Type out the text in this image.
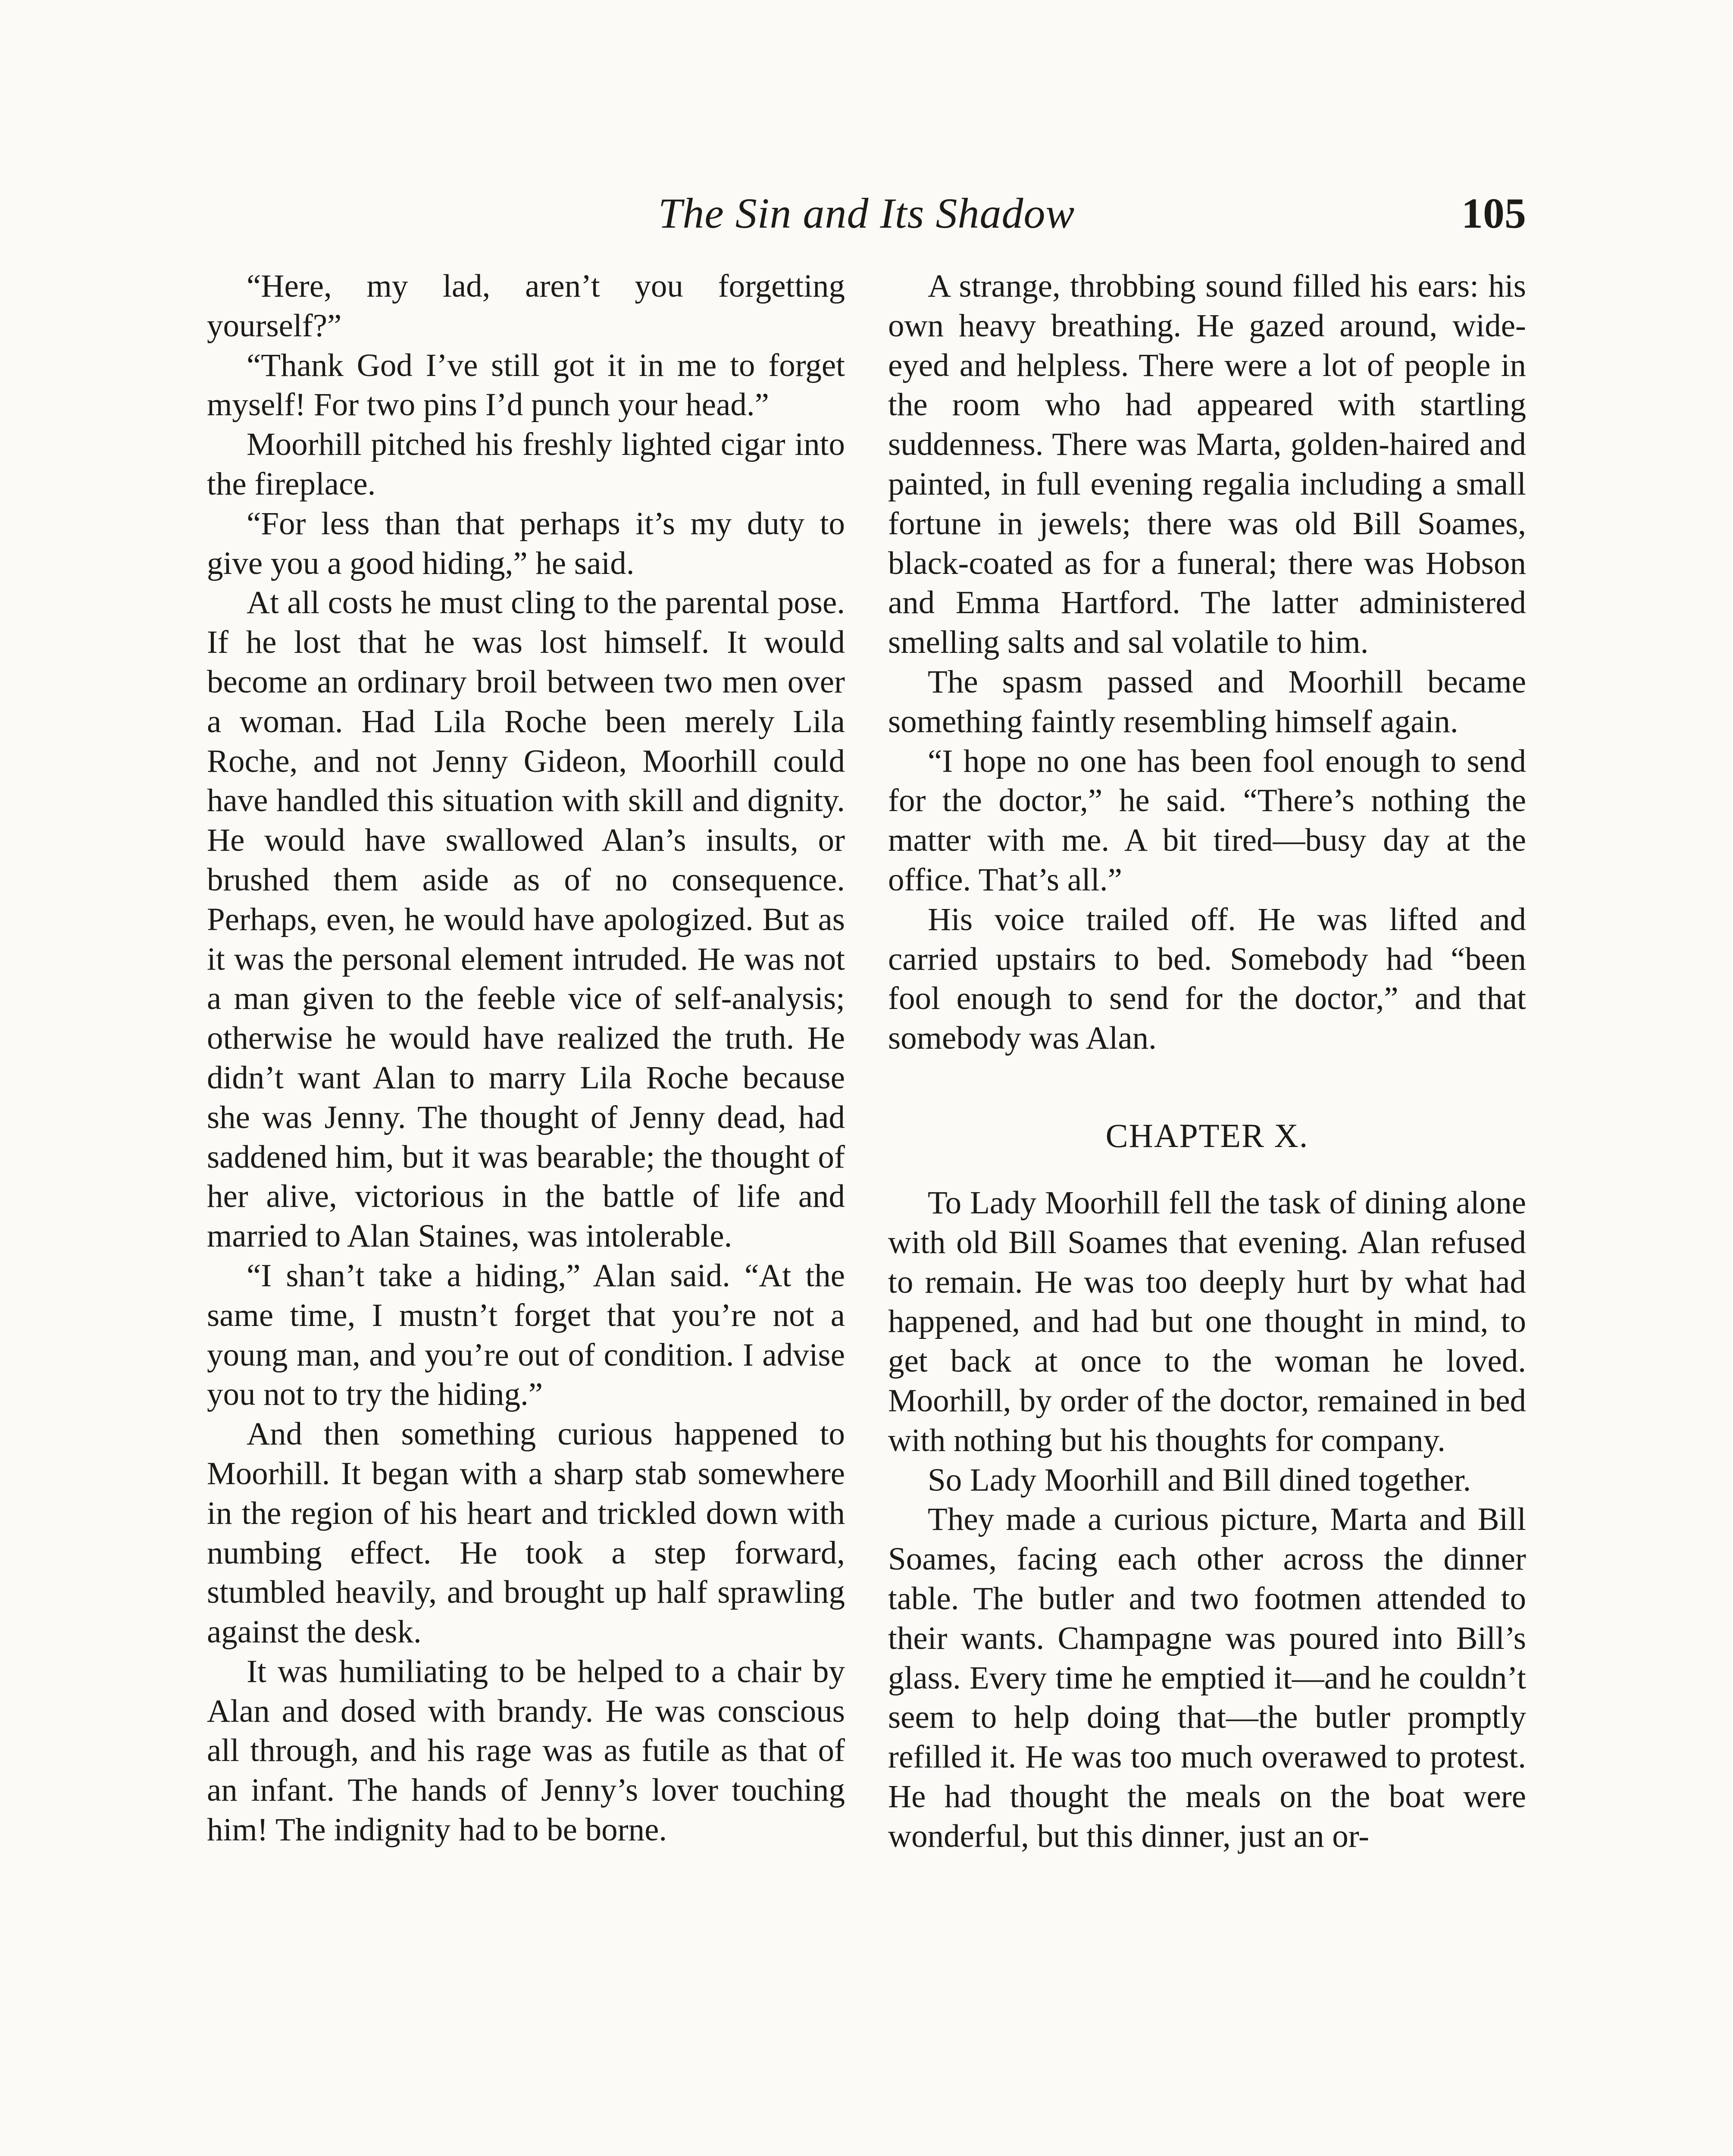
The Sin and Its Shadow	105

“Here, my lad, aren’t you forgetting yourself?”

“Thank God I’ve still got it in me to forget myself! For two pins I’d punch your head.”

Moorhill pitched his freshly lighted cigar into the fireplace.

“For less than that perhaps it’s my duty to give you a good hiding,” he said.

At all costs he must cling to the parental pose. If he lost that he was lost himself. It would become an ordinary broil between two men over a woman. Had Lila Roche been merely Lila Roche, and not Jenny Gideon, Moorhill could have handled this situation with skill and dignity. He would have swallowed Alan’s insults, or brushed them aside as of no consequence. Perhaps, even, he would have apologized. But as it was the personal element intruded. He was not a man given to the feeble vice of self-analysis; otherwise he would have realized the truth. He didn’t want Alan to marry Lila Roche because she was Jenny. The thought of Jenny dead, had saddened him, but it was bearable; the thought of her alive, victorious in the battle of life and married to Alan Staines, was intolerable.

“I shan’t take a hiding,” Alan said. “At the same time, I mustn’t forget that you’re not a young man, and you’re out of condition. I advise you not to try the hiding.”

And then something curious happened to Moorhill. It began with a sharp stab somewhere in the region of his heart and trickled down with numbing effect. He took a step forward, stumbled heavily, and brought up half sprawling against the desk.

It was humiliating to be helped to a chair by Alan and dosed with brandy. He was conscious all through, and his rage was as futile as that of an infant. The hands of Jenny’s lover touching him! The indignity had to be borne.

A strange, throbbing sound filled his ears: his own heavy breathing. He gazed around, wide-eyed and helpless. There were a lot of people in the room who had appeared with startling suddenness. There was Marta, golden-haired and painted, in full evening regalia including a small fortune in jewels; there was old Bill Soames, black-coated as for a funeral; there was Hobson and Emma Hartford. The latter administered smelling salts and sal volatile to him.

The spasm passed and Moorhill became something faintly resembling himself again.

“I hope no one has been fool enough to send for the doctor,” he said. “There’s nothing the matter with me. A bit tired—busy day at the office. That’s all.”

His voice trailed off. He was lifted and carried upstairs to bed. Somebody had “been fool enough to send for the doctor,” and that somebody was Alan.

CHAPTER X.

To Lady Moorhill fell the task of dining alone with old Bill Soames that evening. Alan refused to remain. He was too deeply hurt by what had happened, and had but one thought in mind, to get back at once to the woman he loved. Moorhill, by order of the doctor, remained in bed with nothing but his thoughts for company.

So Lady Moorhill and Bill dined together.

They made a curious picture, Marta and Bill Soames, facing each other across the dinner table. The butler and two footmen attended to their wants. Champagne was poured into Bill’s glass. Every time he emptied it—and he couldn’t seem to help doing that—the butler promptly refilled it. He was too much overawed to protest. He had thought the meals on the boat were wonderful, but this dinner, just an or-
